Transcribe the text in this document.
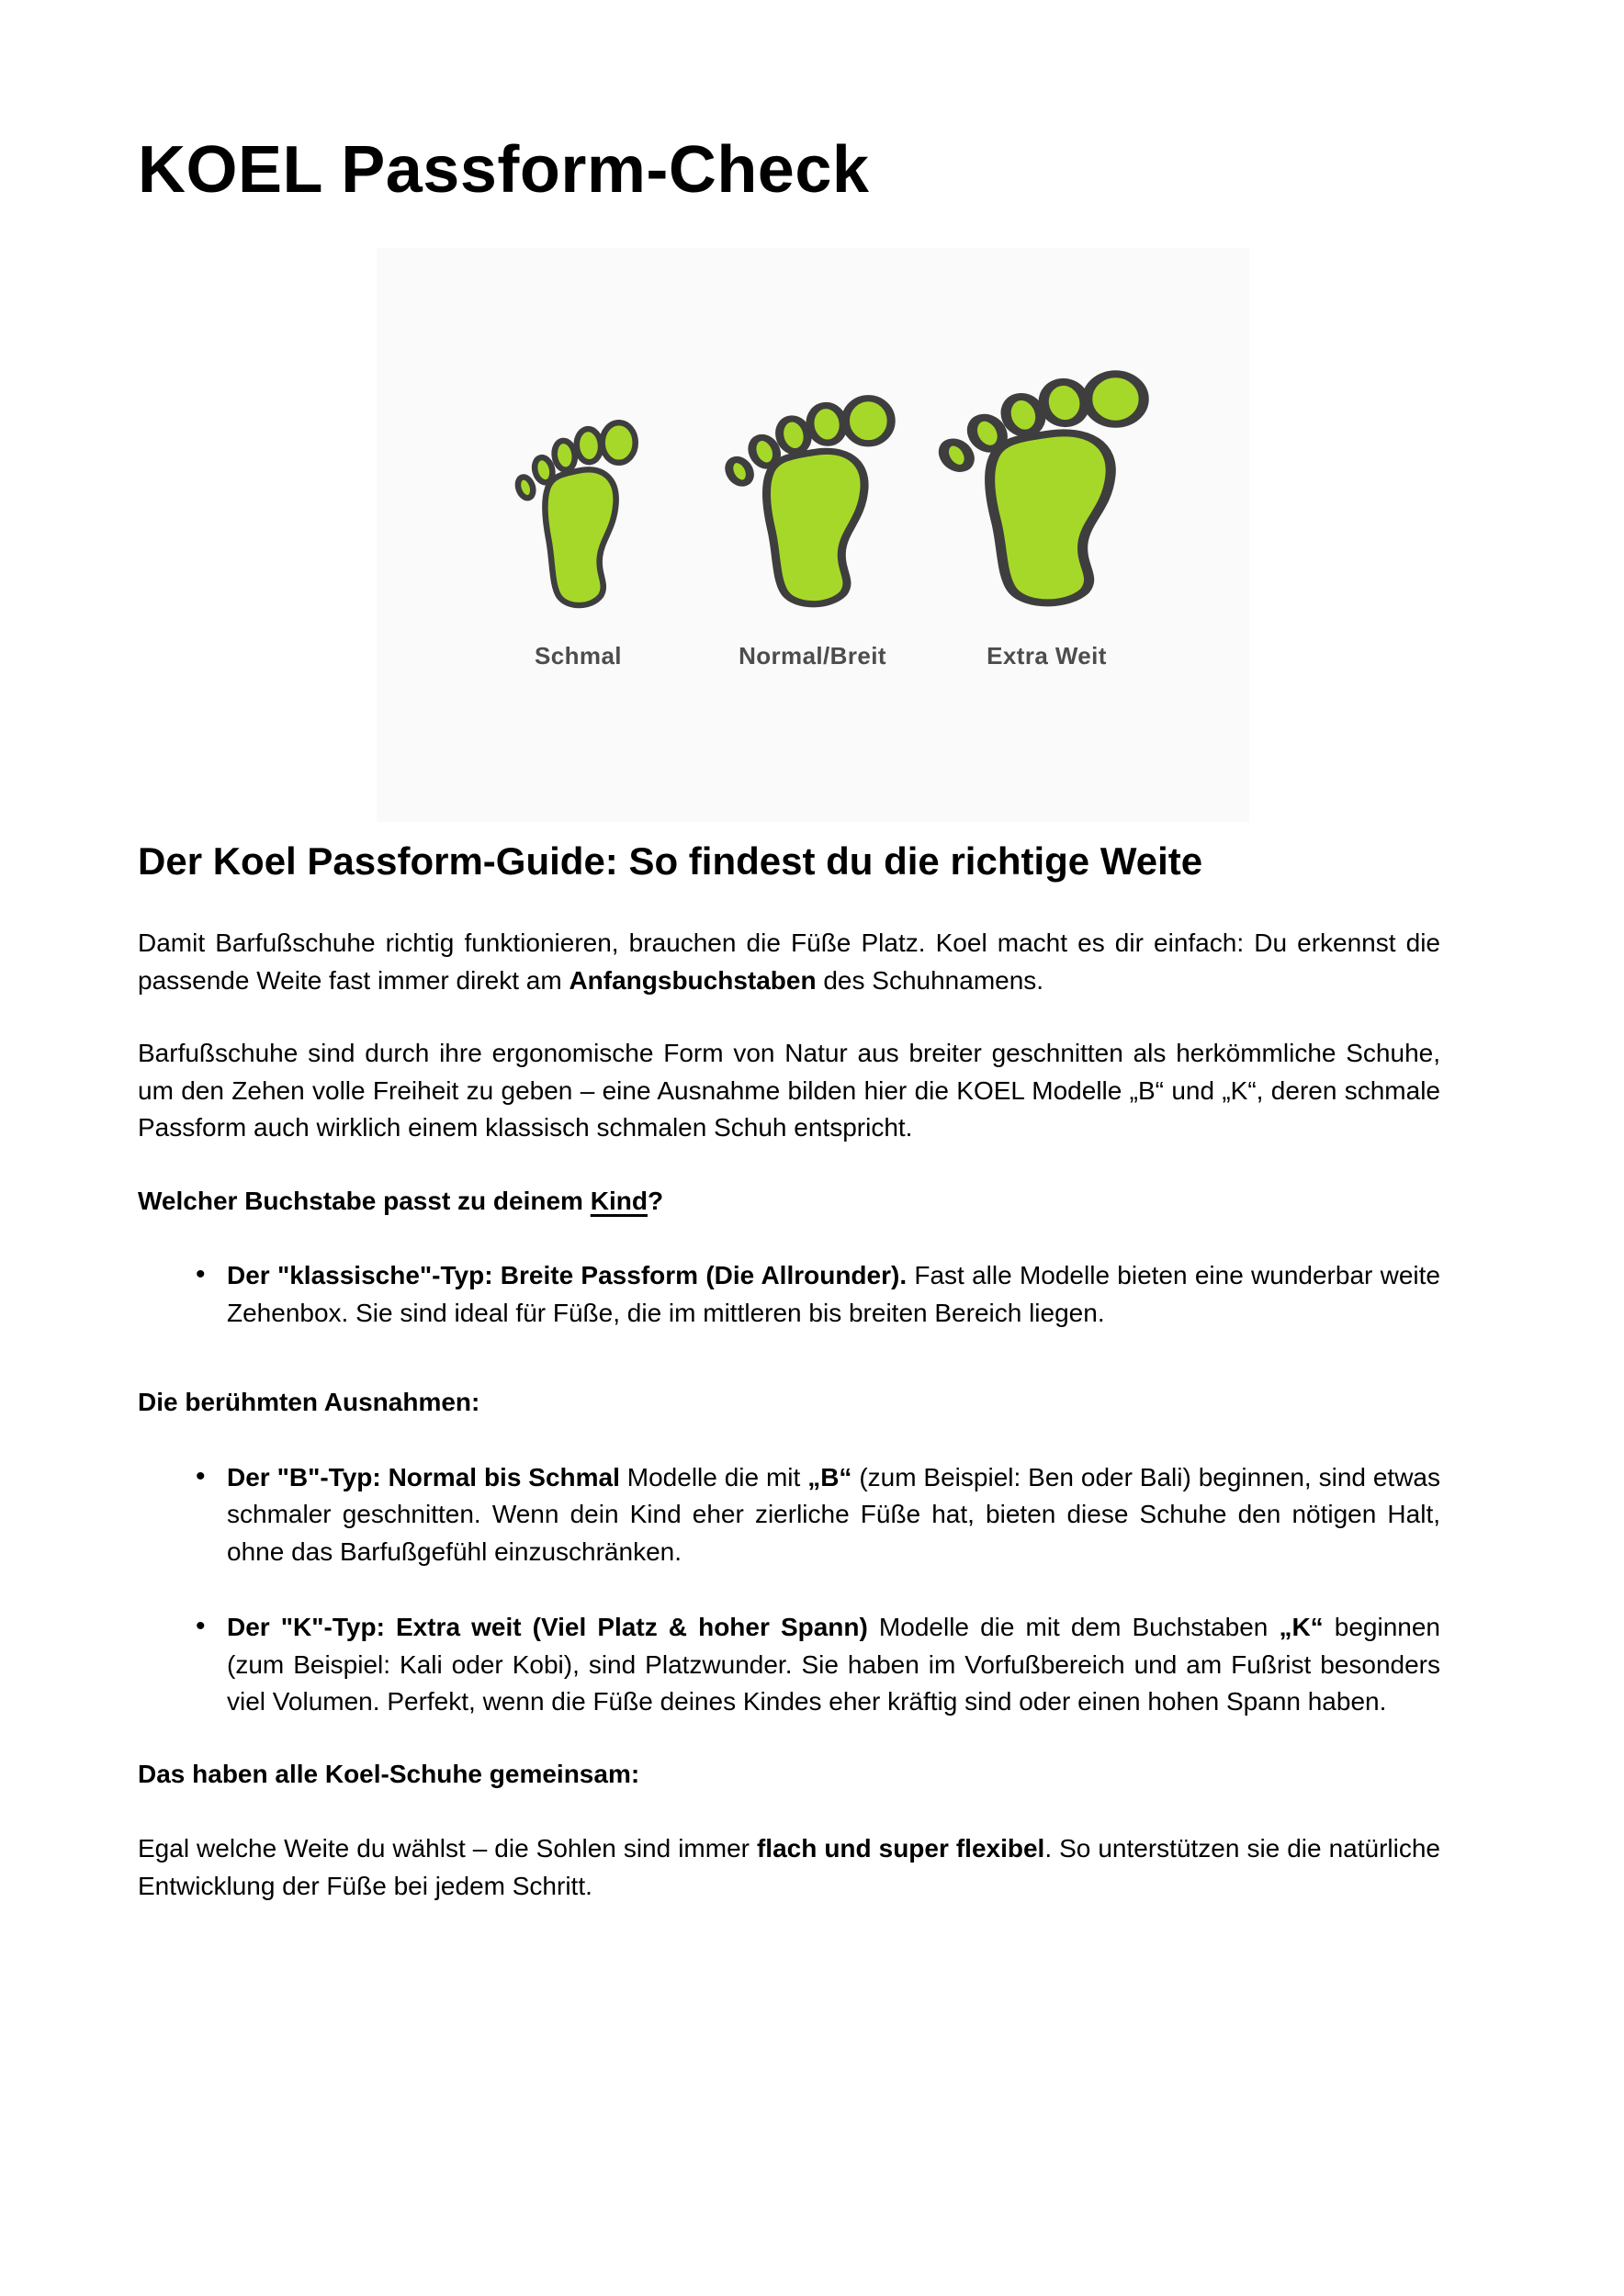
KOEL Passform-Check
Schmal	Normal/Breit	Extra Weit
Der Koel Passform-Guide: So findest du die richtige Weite

Damit Barfußschuhe richtig funktionieren, brauchen die Füße Platz. Koel macht es dir einfach: Du erkennst die passende Weite fast immer direkt am Anfangsbuchstaben des Schuhnamens.

Barfußschuhe sind durch ihre ergonomische Form von Natur aus breiter geschnitten als herkömmliche Schuhe, um den Zehen volle Freiheit zu geben – eine Ausnahme bilden hier die KOEL Modelle „B“ und „K“, deren schmale Passform auch wirklich einem klassisch schmalen Schuh entspricht.

Welcher Buchstabe passt zu deinem Kind?
• Der "klassische"-Typ: Breite Passform (Die Allrounder). Fast alle Modelle bieten eine wunderbar weite Zehenbox. Sie sind ideal für Füße, die im mittleren bis breiten Bereich liegen.
Die berühmten Ausnahmen:
• Der "B"-Typ: Normal bis Schmal Modelle die mit „B“ (zum Beispiel: Ben oder Bali) beginnen, sind etwas schmaler geschnitten. Wenn dein Kind eher zierliche Füße hat, bieten diese Schuhe den nötigen Halt, ohne das Barfußgefühl einzuschränken.
• Der "K"-Typ: Extra weit (Viel Platz & hoher Spann) Modelle die mit dem Buchstaben „K“ beginnen (zum Beispiel: Kali oder Kobi), sind Platzwunder. Sie haben im Vorfußbereich und am Fußrist besonders viel Volumen. Perfekt, wenn die Füße deines Kindes eher kräftig sind oder einen hohen Spann haben.
Das haben alle Koel-Schuhe gemeinsam:

Egal welche Weite du wählst – die Sohlen sind immer flach und super flexibel. So unterstützen sie die natürliche Entwicklung der Füße bei jedem Schritt.
